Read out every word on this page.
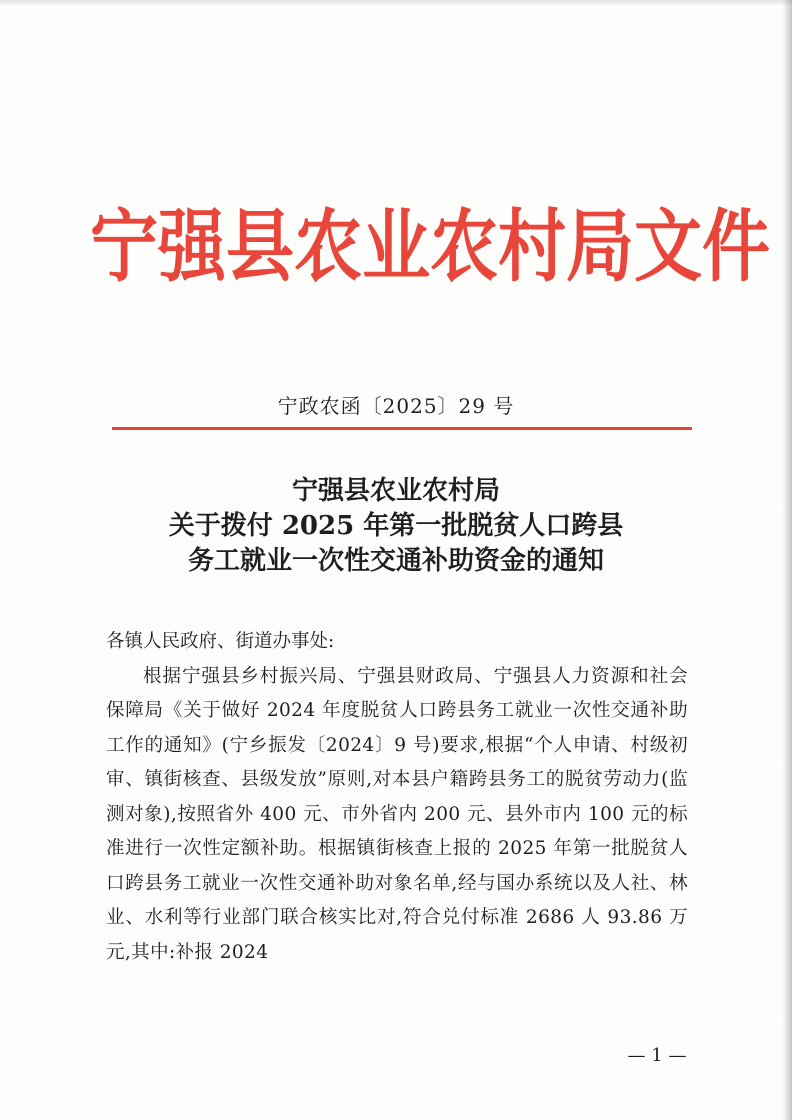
宁强县农业农村局文件
宁政农函〔2025〕29 号
宁强县农业农村局
关于拨付 2025 年第一批脱贫人口跨县
务工就业一次性交通补助资金的通知

各镇人民政府、街道办事处:

根据宁强县乡村振兴局、宁强县财政局、宁强县人力资源和社会保障局《关于做好 2024 年度脱贫人口跨县务工就业一次性交通补助工作的通知》(宁乡振发〔2024〕9 号)要求,根据“个人申请、村级初审、镇街核查、县级发放”原则,对本县户籍跨县务工的脱贫劳动力(监测对象),按照省外 400 元、市外省内 200 元、县外市内 100 元的标准进行一次性定额补助。根据镇街核查上报的 2025 年第一批脱贫人口跨县务工就业一次性交通补助对象名单,经与国办系统以及人社、林业、水利等行业部门联合核实比对,符合兑付标准 2686 人 93.86 万元,其中:补报 2024

— 1 —
